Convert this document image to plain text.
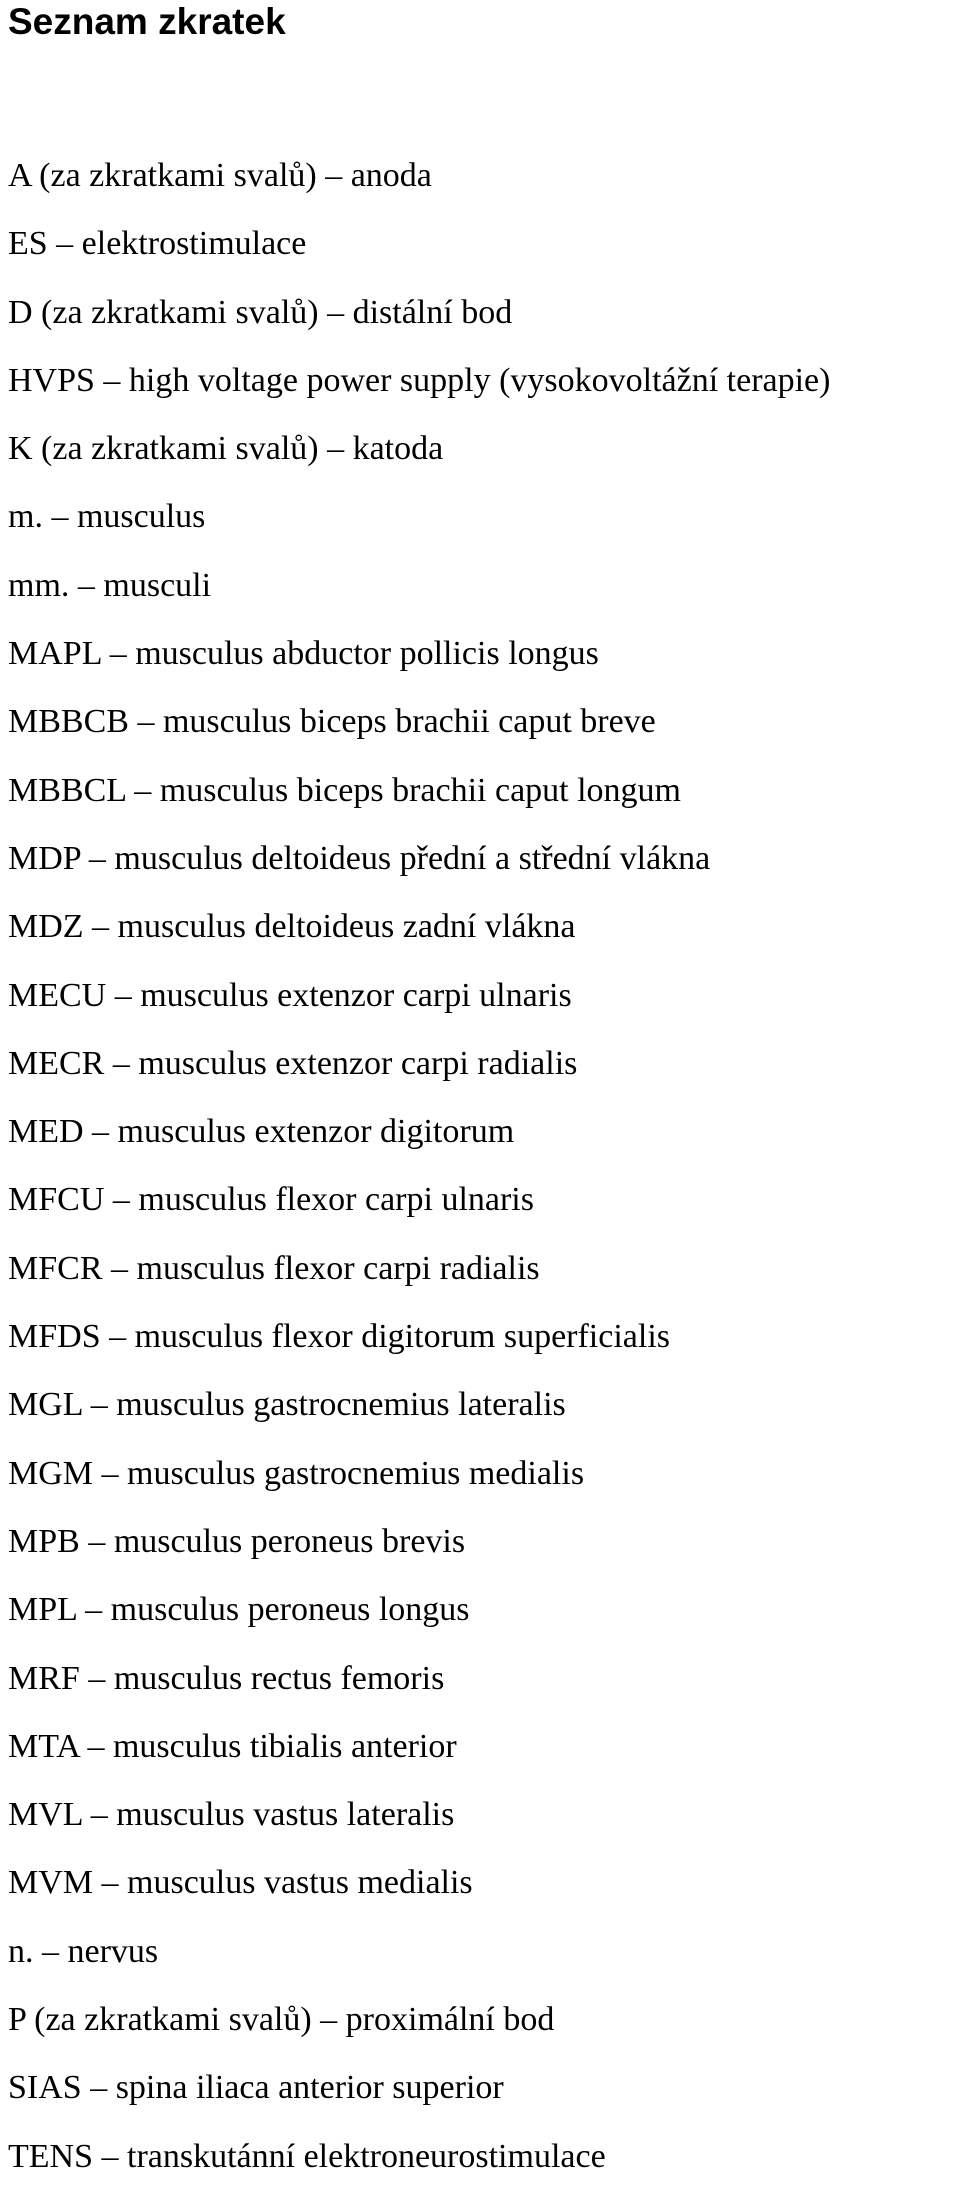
Seznam zkratek
A (za zkratkami svalů) – anoda
ES – elektrostimulace
D (za zkratkami svalů) – distální bod
HVPS – high voltage power supply (vysokovoltážní terapie)
K (za zkratkami svalů) – katoda
m. – musculus
mm. – musculi
MAPL – musculus abductor pollicis longus
MBBCB – musculus biceps brachii caput breve
MBBCL – musculus biceps brachii caput longum
MDP – musculus deltoideus přední a střední vlákna
MDZ – musculus deltoideus zadní vlákna
MECU – musculus extenzor carpi ulnaris
MECR – musculus extenzor carpi radialis
MED – musculus extenzor digitorum
MFCU – musculus flexor carpi ulnaris
MFCR – musculus flexor carpi radialis
MFDS – musculus flexor digitorum superficialis
MGL – musculus gastrocnemius lateralis
MGM – musculus gastrocnemius medialis
MPB – musculus peroneus brevis
MPL – musculus peroneus longus
MRF – musculus rectus femoris
MTA – musculus tibialis anterior
MVL – musculus vastus lateralis
MVM – musculus vastus medialis
n. – nervus
P (za zkratkami svalů) – proximální bod
SIAS – spina iliaca anterior superior
TENS – transkutánní elektroneurostimulace
